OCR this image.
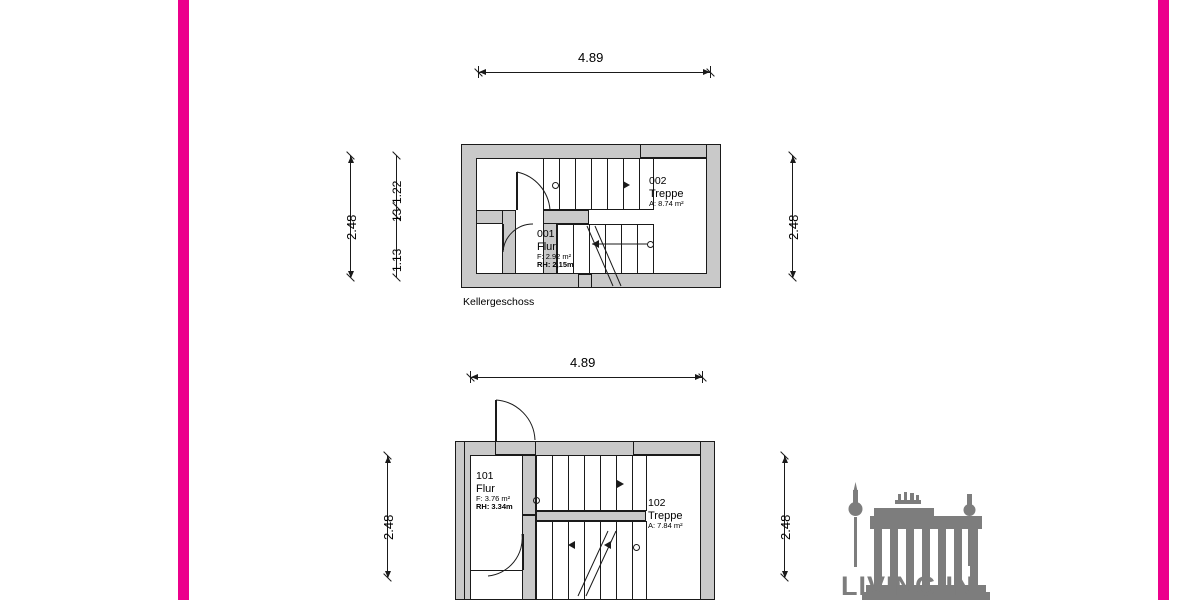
4.89
2.48
1.22
13
1.13
2.48
002
Treppe
A: 8.74 m²
001
Flur
F: 2.92 m²
RH: 2,15m
Kellergeschoss
4.89
2.48	2.48
101
Flur
F: 3.76 m²
RH: 3.34m	102
Treppe
A: 7.84 m²
LIVING IN
